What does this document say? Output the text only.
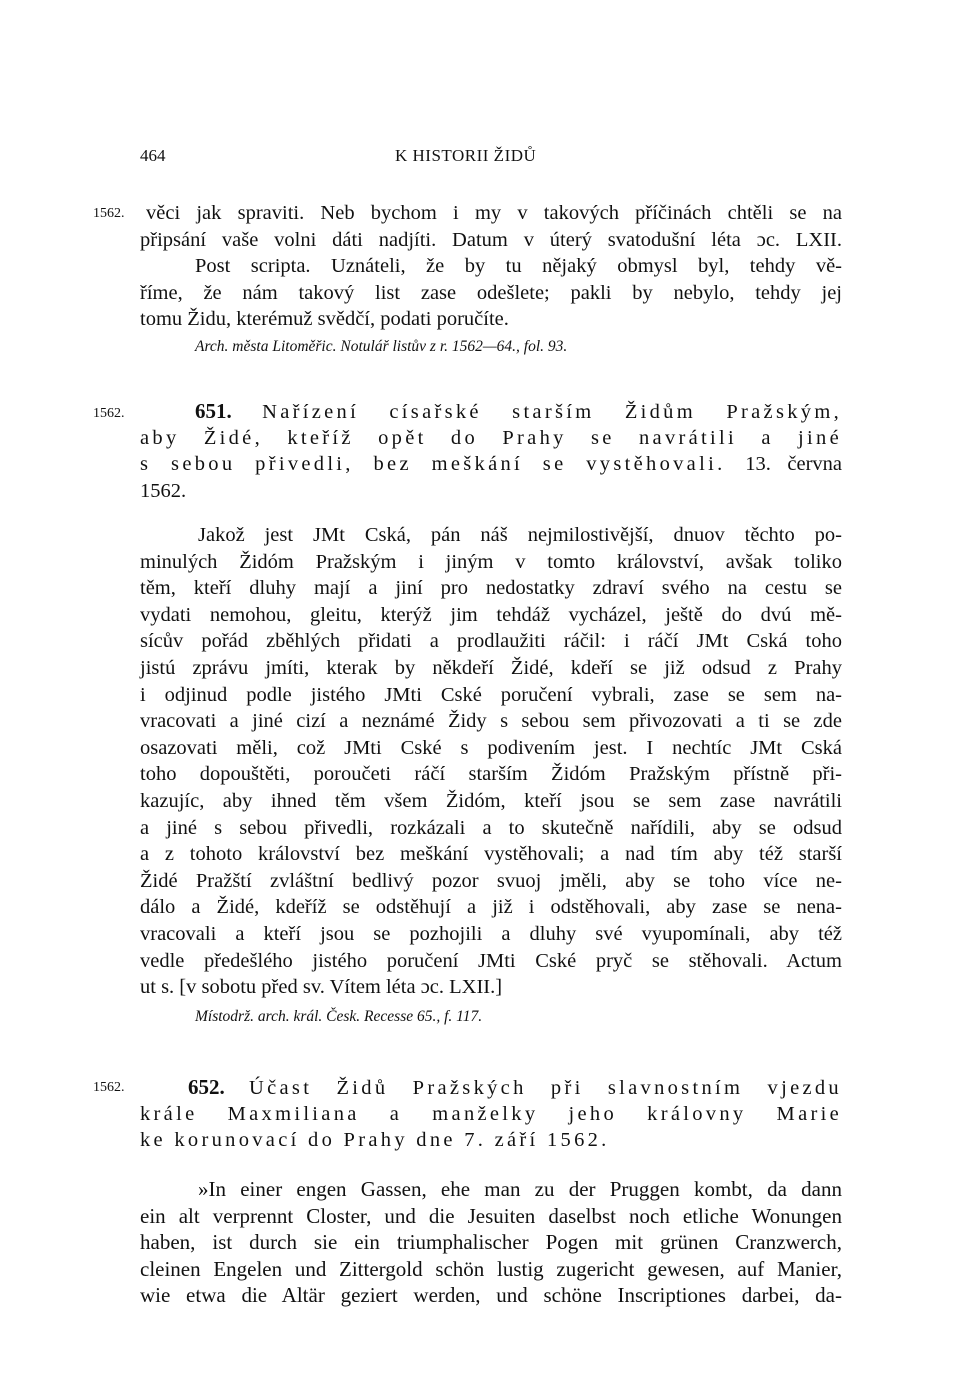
464	K HISTORII ŽIDŮ
1562. věci jak spraviti. Neb bychom i my v takových příčinách chtěli se na
připsání vaše volni dáti nadjíti. Datum v úterý svatodušní léta ɔc. LXII.
Post scripta. Uznáteli, že by tu nějaký obmysl byl, tehdy vě-
říme, že nám takový list zase odešlete; pakli by nebylo, tehdy jej
tomu Židu, kterémuž svědčí, podati poručíte.
Arch. města Litoměřic. Notulář listův z r. 1562—64., fol. 93.
1562.	651. Nařízení císařské starším Židům Pražským,
aby Židé, kteříž opět do Prahy se navrátili a jiné
s sebou přivedli, bez meškání se vystěhovali. 13. června
1562.
Jakož jest JMt Cská, pán náš nejmilostivější, dnuov těchto po-
minulých Židóm Pražským i jiným v tomto království, avšak toliko
těm, kteří dluhy mají a jiní pro nedostatky zdraví svého na cestu se
vydati nemohou, gleitu, kterýž jim tehdáž vycházel, ještě do dvú mě-
sícův pořád zběhlých přidati a prodlaužiti ráčil: i ráčí JMt Cská toho
jistú zprávu jmíti, kterak by někdeří Židé, kdeří se již odsud z Prahy
i odjinud podle jistého JMti Cské poručení vybrali, zase se sem na-
vracovati a jiné cizí a neznámé Židy s sebou sem přivozovati a ti se zde
osazovati měli, což JMti Cské s podivením jest. I nechtíc JMt Cská
toho dopouštěti, poroučeti ráčí starším Židóm Pražským přístně při-
kazujíc, aby ihned těm všem Židóm, kteří jsou se sem zase navrátili
a jiné s sebou přivedli, rozkázali a to skutečně nařídili, aby se odsud
a z tohoto království bez meškání vystěhovali; a nad tím aby též starší
Židé Pražští zvláštní bedlivý pozor svuoj jměli, aby se toho více ne-
dálo a Židé, kdeříž se odstěhují a již i odstěhovali, aby zase se nena-
vracovali a kteří jsou se pozhojili a dluhy své vyupomínali, aby též
vedle předešlého jistého poručení JMti Cské pryč se stěhovali. Actum
ut s. [v sobotu před sv. Vítem léta ɔc. LXII.]
Místodrž. arch. král. Česk. Recesse 65., f. 117.
1562.	652. Účast Židů Pražských při slavnostním vjezdu
krále Maxmiliana a manželky jeho královny Marie
ke korunovací do Prahy dne 7. září 1562.
»In einer engen Gassen, ehe man zu der Pruggen kombt, da dann
ein alt verprennt Closter, und die Jesuiten daselbst noch etliche Wonungen
haben, ist durch sie ein triumphalischer Pogen mit grünen Cranzwerch,
cleinen Engelen und Zittergold schön lustig zugericht gewesen, auf Manier,
wie etwa die Altär geziert werden, und schöne Inscriptiones darbei, da-
